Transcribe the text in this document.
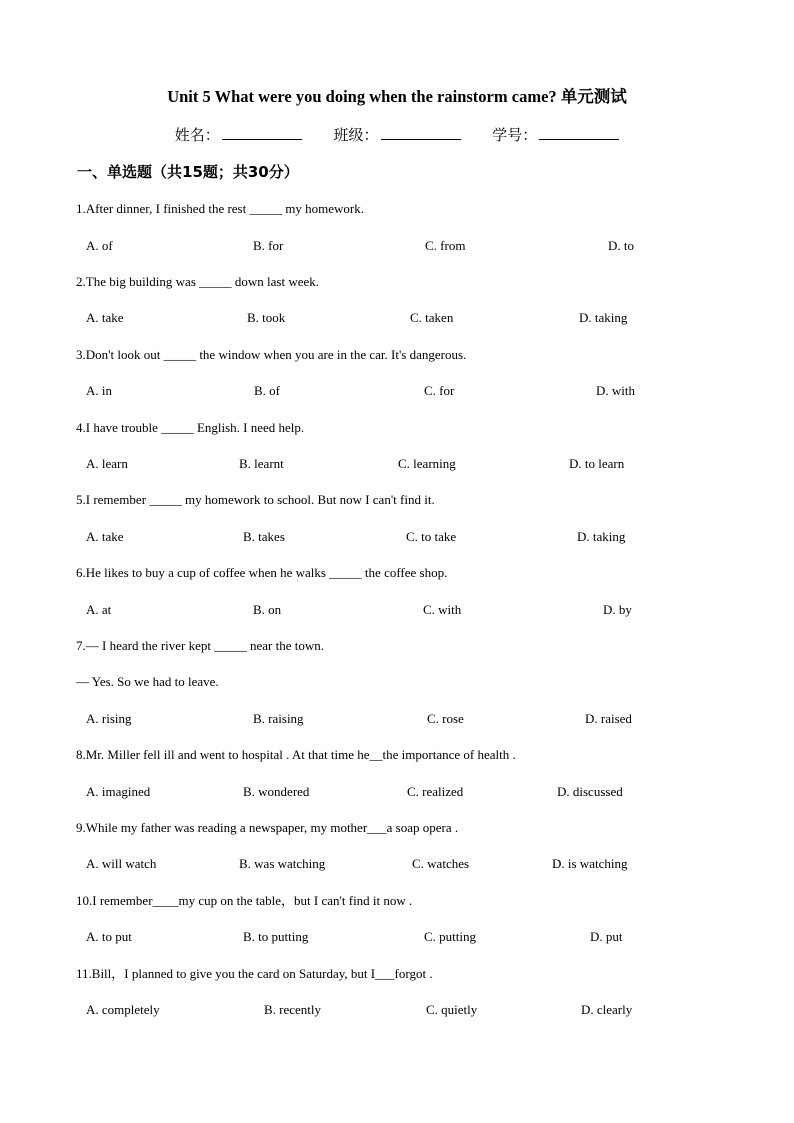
Unit 5 What were you doing when the rainstorm came? 单元测试
姓名：	班级：	学号：
一、单选题（共15题；共30分）
1.After dinner, I finished the rest _____ my homework.
A. of	B. for	C. from	D. to
2.The big building was _____ down last week.
A. take	B. took	C. taken	D. taking
3.Don't look out _____ the window when you are in the car. It's dangerous.
A. in	B. of	C. for	D. with
4.I have trouble _____ English. I need help.
A. learn	B. learnt	C. learning	D. to learn
5.I remember _____ my homework to school. But now I can't find it.
A. take	B. takes	C. to take	D. taking
6.He likes to buy a cup of coffee when he walks _____ the coffee shop.
A. at	B. on	C. with	D. by
7.— I heard the river kept _____ near the town.
— Yes. So we had to leave.
A. rising	B. raising	C. rose	D. raised
8.Mr. Miller fell ill and went to hospital . At that time he__the importance of health .
A. imagined	B. wondered	C. realized	D. discussed
9.While my father was reading a newspaper, my mother___a soap opera .
A. will watch	B. was watching	C. watches	D. is watching
10.I remember____my cup on the table，but I can't find it now .
A. to put	B. to putting	C. putting	D. put
11.Bill，I planned to give you the card on Saturday, but I___forgot .
A. completely	B. recently	C. quietly	D. clearly
